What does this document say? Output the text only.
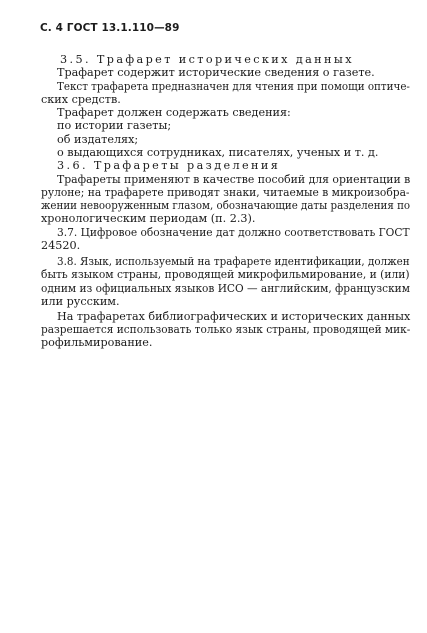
С. 4 ГОСТ 13.1.110—89
3.5. Трафарет исторических данных
Трафарет содержит исторические сведения о газете.
Текст трафарета предназначен для чтения при помощи оптиче-
ских средств.
Трафарет должен содержать сведения:
по истории газеты;
об издателях;
о выдающихся сотрудниках, писателях, ученых и т. д.
3.6. Трафареты разделения
Трафареты применяют в качестве пособий для ориентации в
рулоне; на трафарете приводят знаки, читаемые в микроизобра-
жении невооруженным глазом, обозначающие даты разделения по
хронологическим периодам (п. 2.3).
3.7. Цифровое обозначение дат должно соответствовать ГОСТ
24520.
3.8. Язык, используемый на трафарете идентификации, должен
быть языком страны, проводящей микрофильмирование, и (или)
одним из официальных языков ИСО — английским, французским
или русским.
На трафаретах библиографических и исторических данных
разрешается использовать только язык страны, проводящей мик-
рофильмирование.
